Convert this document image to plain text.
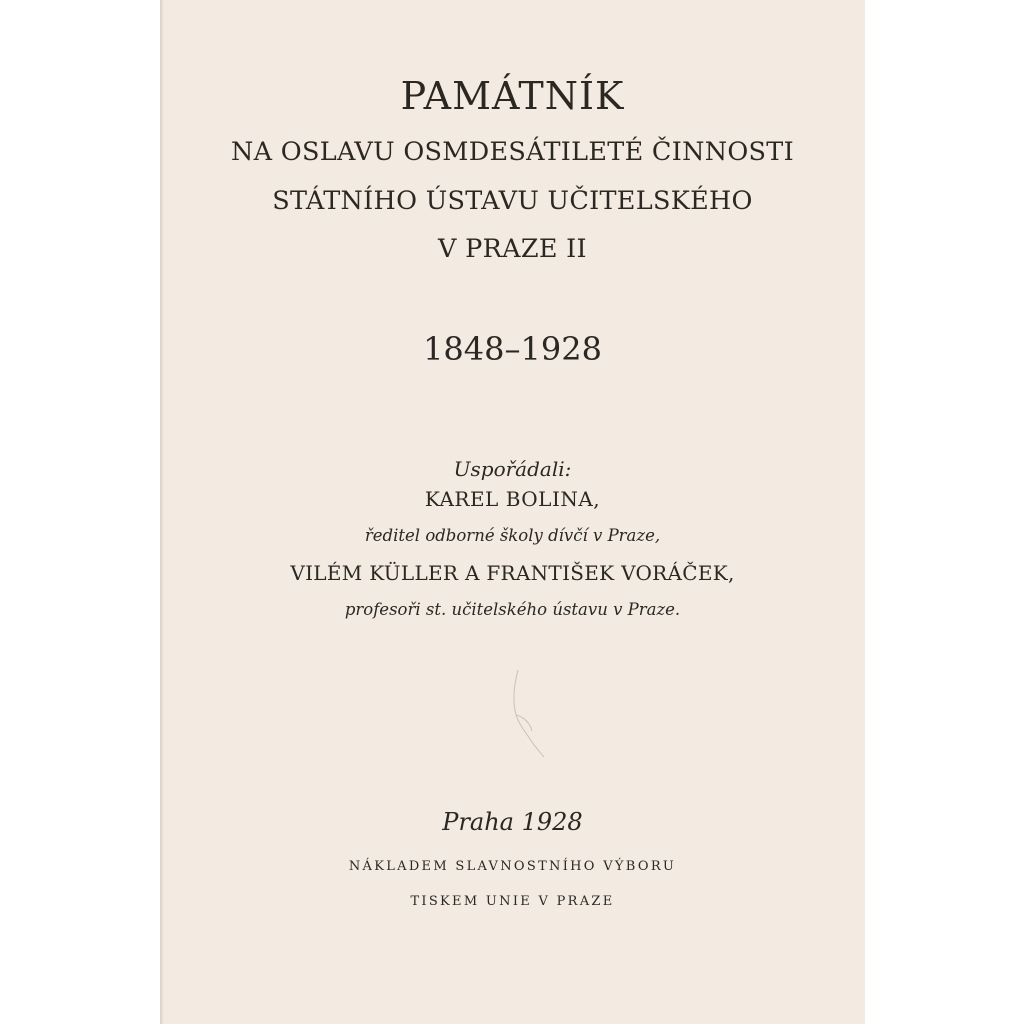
PAMÁTNÍK
NA OSLAVU OSMDESÁTILETÉ ČINNOSTI
STÁTNÍHO ÚSTAVU UČITELSKÉHO
V PRAZE II
1848–1928
Uspořádali:
KAREL BOLINA,
ředitel odborné školy dívčí v Praze,
VILÉM KÜLLER A FRANTIŠEK VORÁČEK,
profesoři st. učitelského ústavu v Praze.
Praha 1928
NÁKLADEM SLAVNOSTNÍHO VÝBORU
TISKEM UNIE V PRAZE
